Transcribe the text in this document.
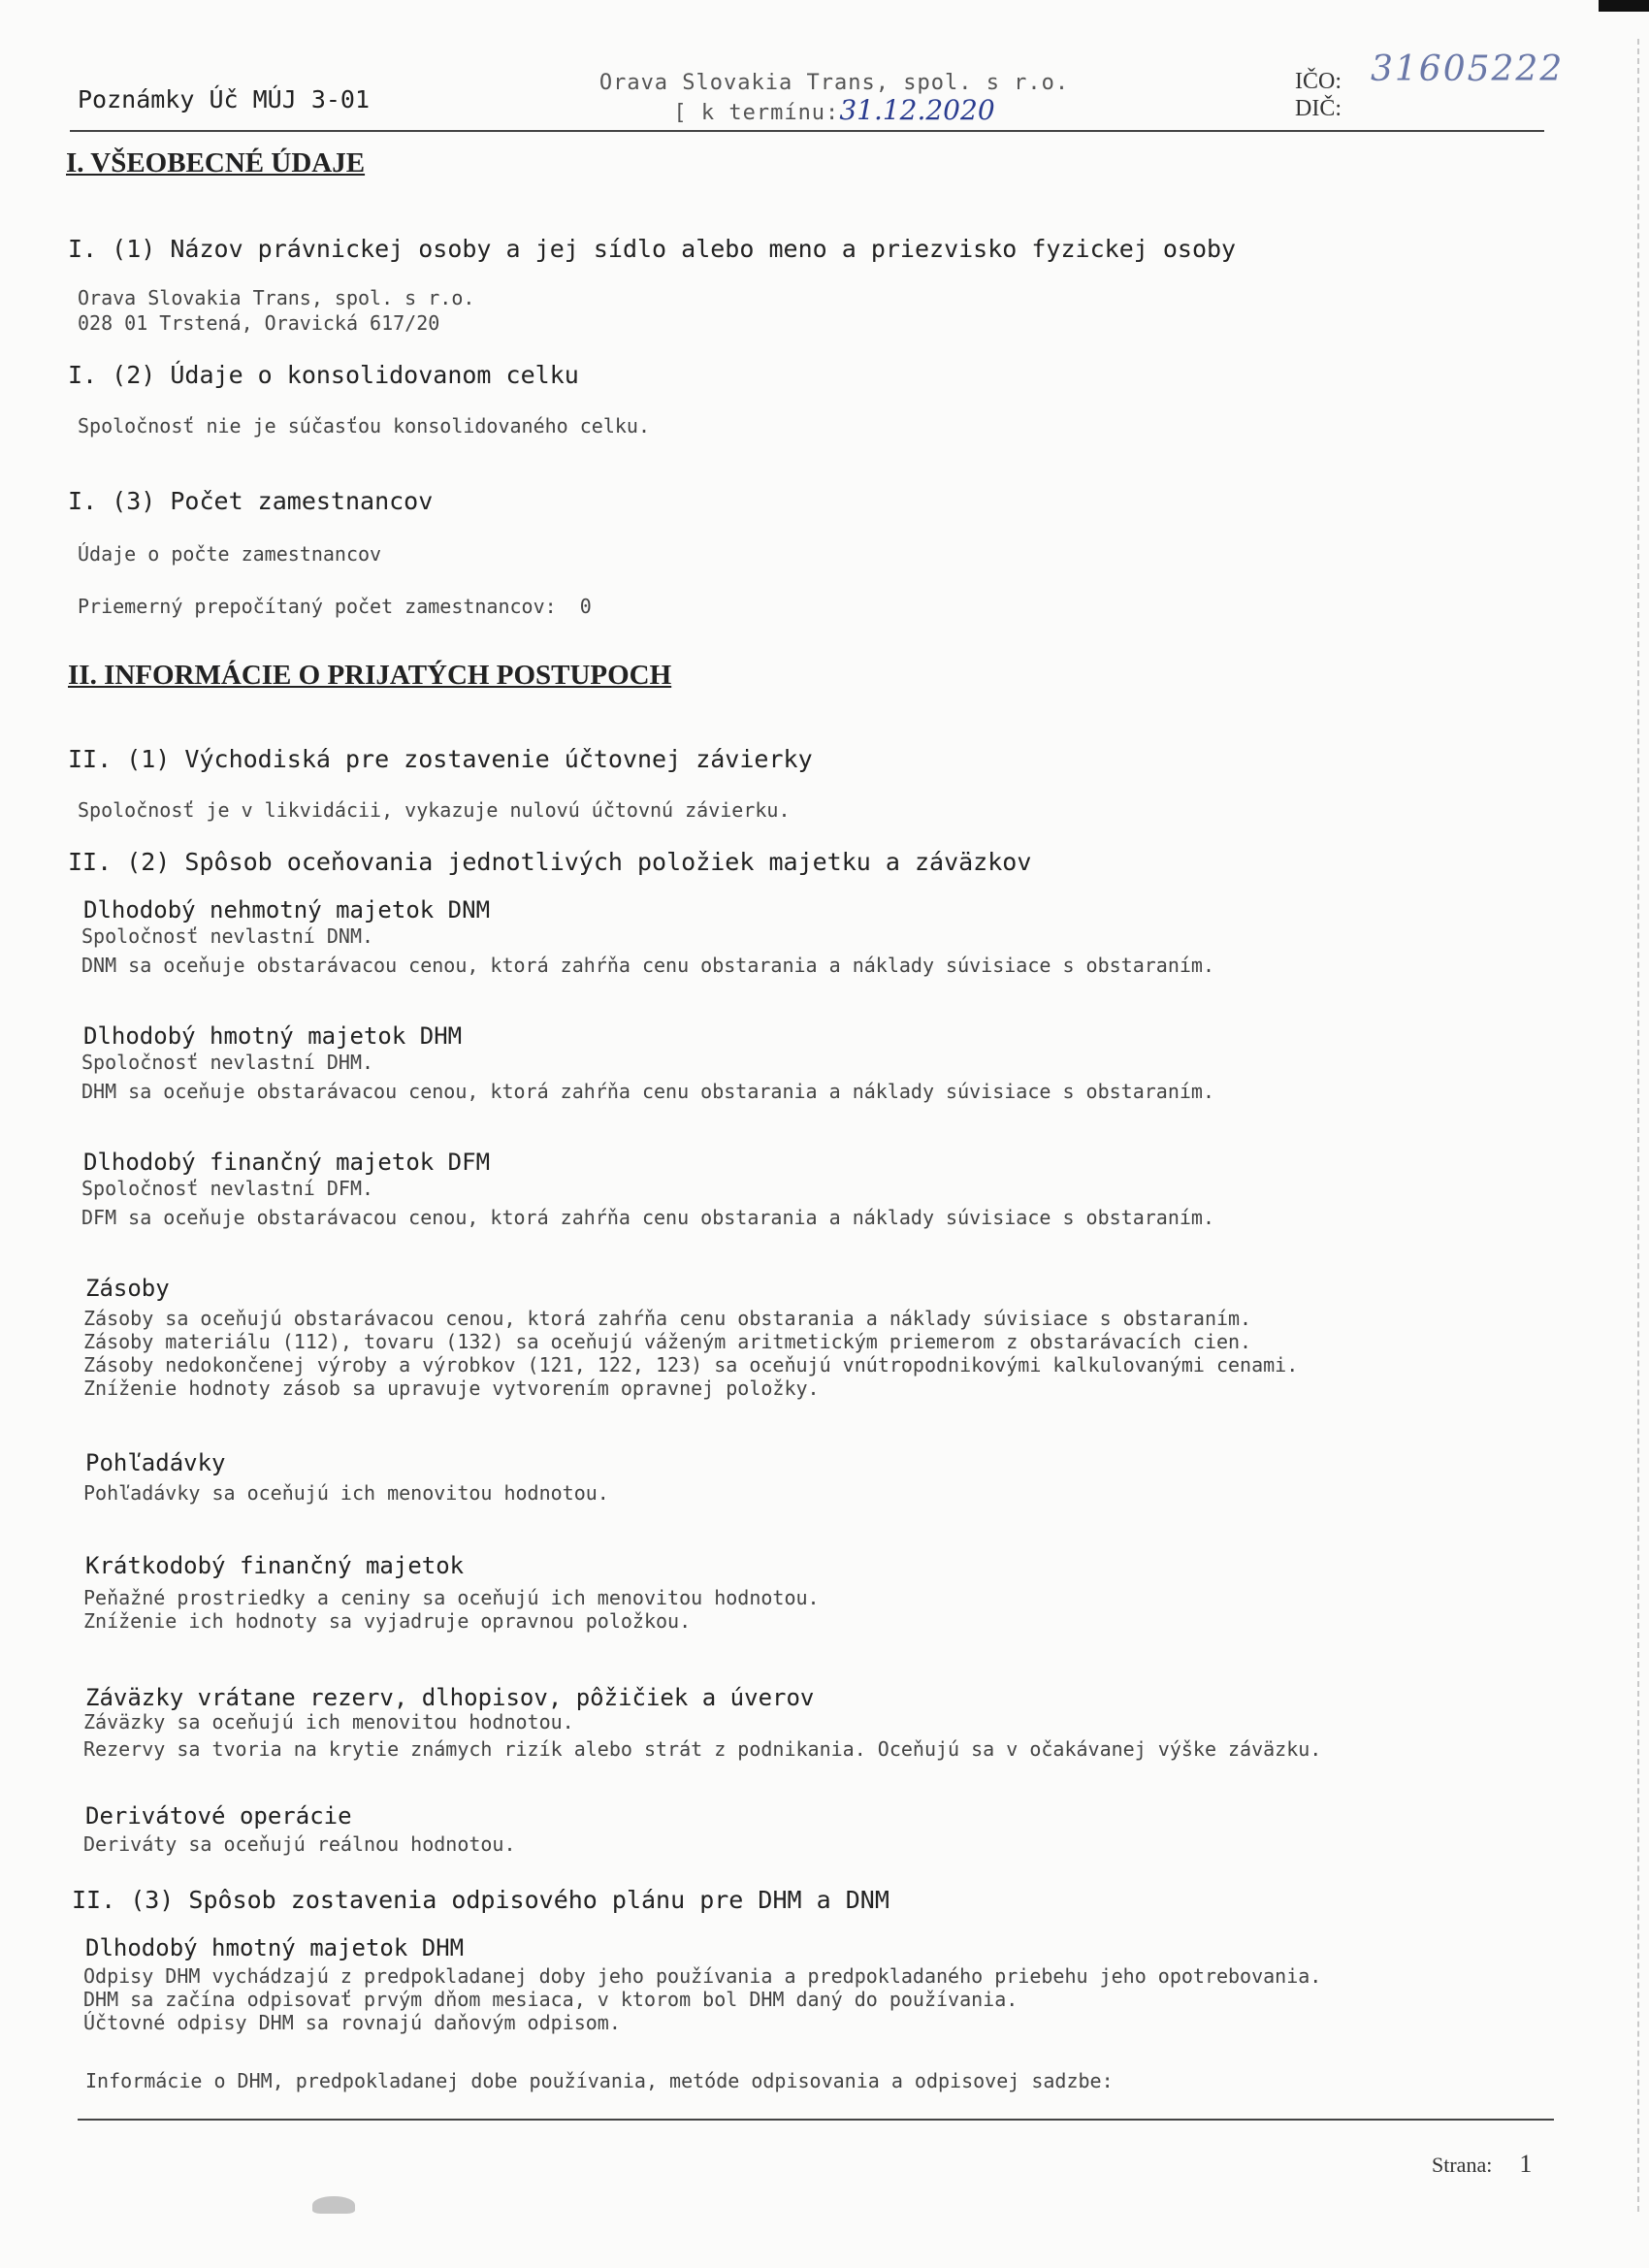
Poznámky Úč MÚJ 3-01
Orava Slovakia Trans, spol. s r.o.
[ k termínu:31.12.2020
IČO:
DIČ:
31605222
I. VŠEOBECNÉ ÚDAJE
I. (1) Názov právnickej osoby a jej sídlo alebo meno a priezvisko fyzickej osoby
Orava Slovakia Trans, spol. s r.o.
028 01 Trstená, Oravická 617/20
I. (2) Údaje o konsolidovanom celku
Spoločnosť nie je súčasťou konsolidovaného celku.
I. (3) Počet zamestnancov
Údaje o počte zamestnancov
Priemerný prepočítaný počet zamestnancov: 0
II. INFORMÁCIE O PRIJATÝCH POSTUPOCH
II. (1) Východiská pre zostavenie účtovnej závierky
Spoločnosť je v likvidácii, vykazuje nulovú účtovnú závierku.
II. (2) Spôsob oceňovania jednotlivých položiek majetku a záväzkov
Dlhodobý nehmotný majetok DNM
Spoločnosť nevlastní DNM.
DNM sa oceňuje obstarávacou cenou, ktorá zahŕňa cenu obstarania a náklady súvisiace s obstaraním.
Dlhodobý hmotný majetok DHM
Spoločnosť nevlastní DHM.
DHM sa oceňuje obstarávacou cenou, ktorá zahŕňa cenu obstarania a náklady súvisiace s obstaraním.
Dlhodobý finančný majetok DFM
Spoločnosť nevlastní DFM.
DFM sa oceňuje obstarávacou cenou, ktorá zahŕňa cenu obstarania a náklady súvisiace s obstaraním.
Zásoby
Zásoby sa oceňujú obstarávacou cenou, ktorá zahŕňa cenu obstarania a náklady súvisiace s obstaraním.
Zásoby materiálu (112), tovaru (132) sa oceňujú váženým aritmetickým priemerom z obstarávacích cien.
Zásoby nedokončenej výroby a výrobkov (121, 122, 123) sa oceňujú vnútropodnikovými kalkulovanými cenami.
Zníženie hodnoty zásob sa upravuje vytvorením opravnej položky.
Pohľadávky
Pohľadávky sa oceňujú ich menovitou hodnotou.
Krátkodobý finančný majetok
Peňažné prostriedky a ceniny sa oceňujú ich menovitou hodnotou.
Zníženie ich hodnoty sa vyjadruje opravnou položkou.
Záväzky vrátane rezerv, dlhopisov, pôžičiek a úverov
Záväzky sa oceňujú ich menovitou hodnotou.
Rezervy sa tvoria na krytie známych rizík alebo strát z podnikania. Oceňujú sa v očakávanej výške záväzku.
Derivátové operácie
Deriváty sa oceňujú reálnou hodnotou.
II. (3) Spôsob zostavenia odpisového plánu pre DHM a DNM
Dlhodobý hmotný majetok DHM
Odpisy DHM vychádzajú z predpokladanej doby jeho používania a predpokladaného priebehu jeho opotrebovania.
DHM sa začína odpisovať prvým dňom mesiaca, v ktorom bol DHM daný do používania.
Účtovné odpisy DHM sa rovnajú daňovým odpisom.
Informácie o DHM, predpokladanej dobe používania, metóde odpisovania a odpisovej sadzbe:
Strana: 1
